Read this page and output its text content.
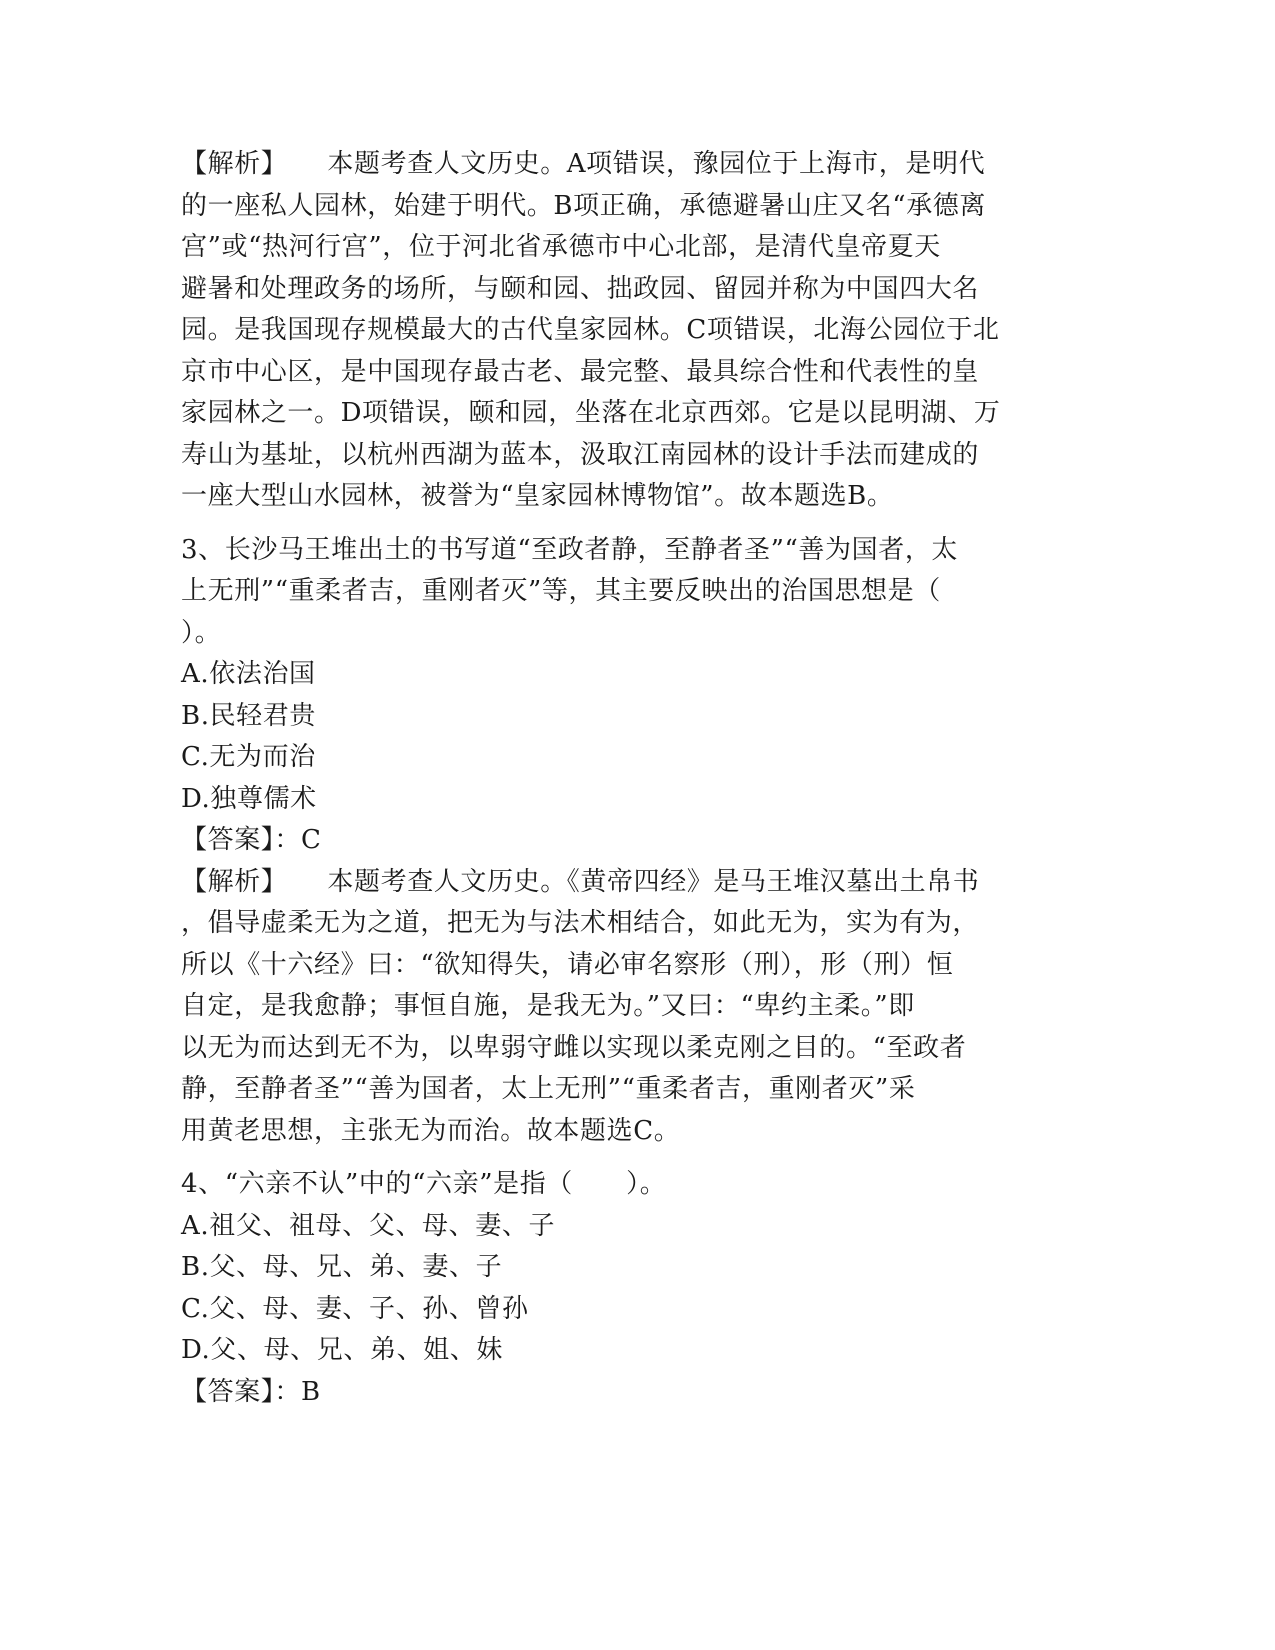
【解析】 本题考查人文历史。A项错误，豫园位于上海市，是明代
的一座私人园林，始建于明代。B项正确，承德避暑山庄又名“承德离
宫”或“热河行宫”，位于河北省承德市中心北部，是清代皇帝夏天
避暑和处理政务的场所，与颐和园、拙政园、留园并称为中国四大名
园。是我国现存规模最大的古代皇家园林。C项错误，北海公园位于北
京市中心区，是中国现存最古老、最完整、最具综合性和代表性的皇
家园林之一。D项错误，颐和园，坐落在北京西郊。它是以昆明湖、万
寿山为基址，以杭州西湖为蓝本，汲取江南园林的设计手法而建成的
一座大型山水园林，被誉为“皇家园林博物馆”。故本题选B。
3、长沙马王堆出土的书写道“至政者静，至静者圣”“善为国者，太
上无刑”“重柔者吉，重刚者灭”等，其主要反映出的治国思想是（
）。
A.依法治国
B.民轻君贵
C.无为而治
D.独尊儒术
【答案】：C
【解析】 本题考查人文历史。《黄帝四经》是马王堆汉墓出土帛书
，倡导虚柔无为之道，把无为与法术相结合，如此无为，实为有为，
所以《十六经》曰：“欲知得失，请必审名察形（刑），形（刑）恒
自定，是我愈静；事恒自施，是我无为。”又曰：“卑约主柔。”即
以无为而达到无不为，以卑弱守雌以实现以柔克刚之目的。“至政者
静，至静者圣”“善为国者，太上无刑”“重柔者吉，重刚者灭”采
用黄老思想，主张无为而治。故本题选C。
4、“六亲不认”中的“六亲”是指（　　）。
A.祖父、祖母、父、母、妻、子
B.父、母、兄、弟、妻、子
C.父、母、妻、子、孙、曾孙
D.父、母、兄、弟、姐、妹
【答案】：B
